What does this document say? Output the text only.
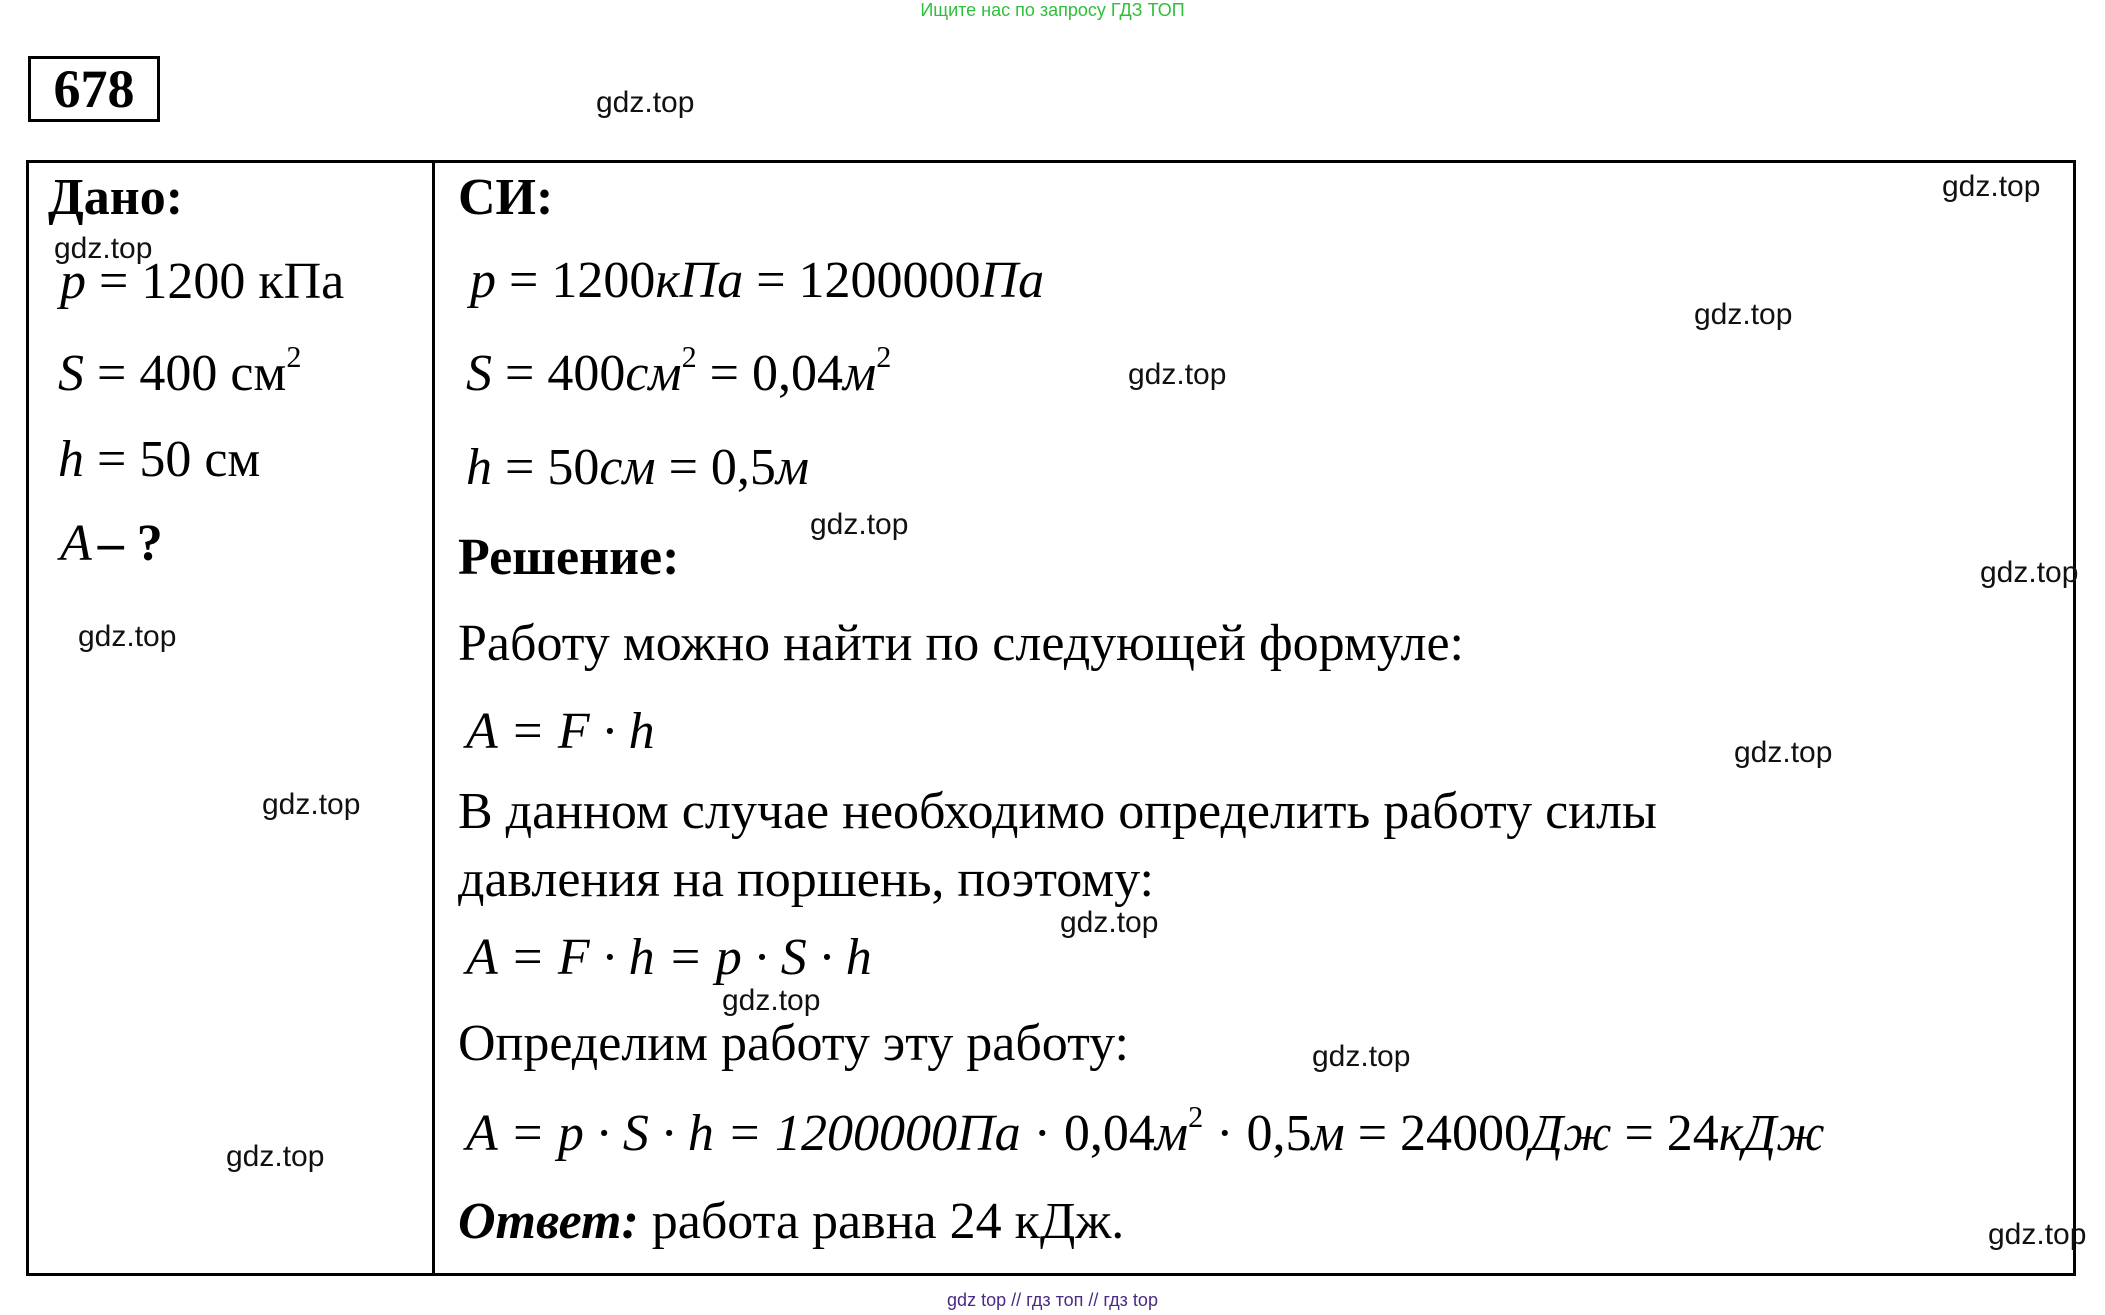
Ищите нас по запросу ГДЗ ТОП
678
Дано:
p = 1200 кПа
S = 400 $см^2$
h = 50 см
A – ?
СИ:
p = 1200кПа = 1200000Па
$S = 400см^2 = 0,04м^2$
h = 50см = 0,5м
Решение:
Работу можно найти по следующей формуле:
A = F · h
В данном случае необходимо определить работу силы
давления на поршень, поэтому:
A = F · h = p · S · h
Определим работу эту работу:
$A = p \cdot S \cdot h = 1200000Па \cdot 0,04м^2 \cdot 0,5м = 24000Дж = 24кДж$
Ответ: работа равна 24 кДж.
gdz.top
gdz.top
gdz.top
gdz.top
gdz.top
gdz.top
gdz.top
gdz.top
gdz.top
gdz.top
gdz.top
gdz.top
gdz.top
gdz.top
gdz.top
gdz top // гдз топ // гдз top
